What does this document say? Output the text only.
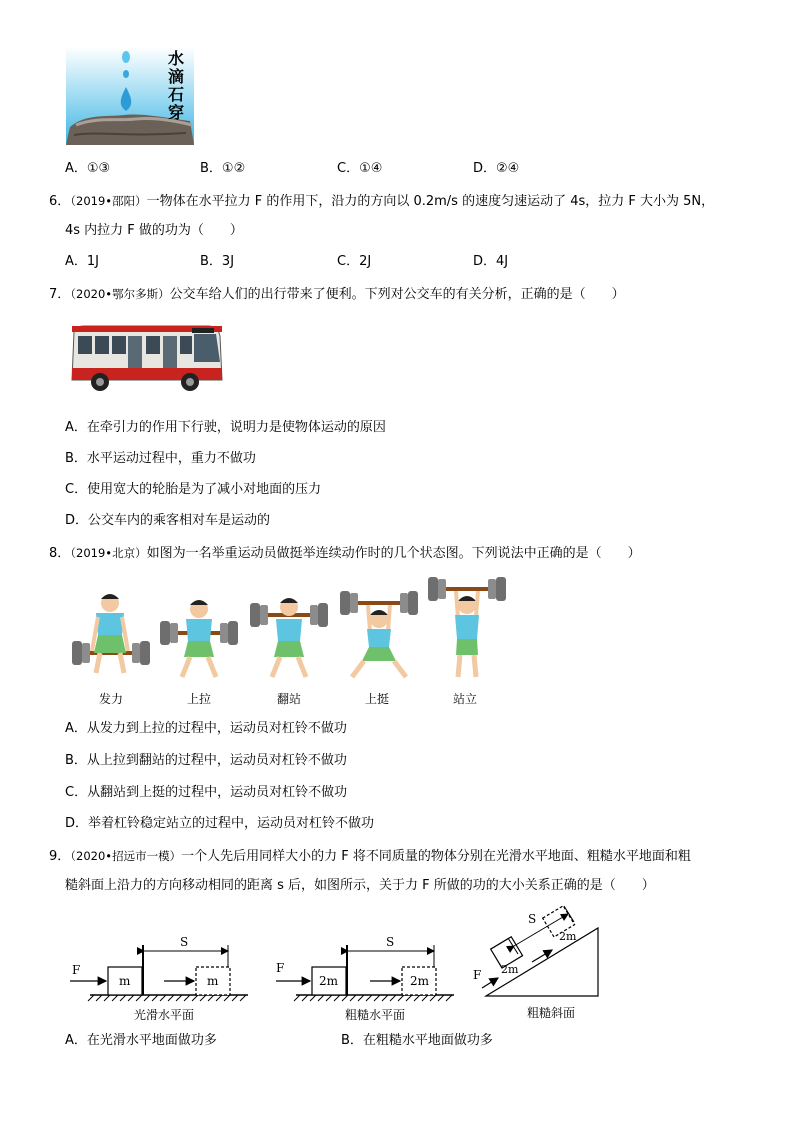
水滴石穿
A．①③	B．①②	C．①④	D．②④
6．（2019•邵阳）一物体在水平拉力 F 的作用下，沿力的方向以 0.2m/s 的速度匀速运动了 4s，拉力 F 大小为 5N，
4s 内拉力 F 做的功为（　　）
A．1J	B．3J	C．2J	D．4J
7．（2020•鄂尔多斯）公交车给人们的出行带来了便利。下列对公交车的有关分析，正确的是（　　）
A．在牵引力的作用下行驶，说明力是使物体运动的原因
B．水平运动过程中，重力不做功
C．使用宽大的轮胎是为了减小对地面的压力
D．公交车内的乘客相对车是运动的
8．（2019•北京）如图为一名举重运动员做挺举连续动作时的几个状态图。下列说法中正确的是（　　）
发力	上拉	翻站	上挺	站立
A．从发力到上拉的过程中，运动员对杠铃不做功
B．从上拉到翻站的过程中，运动员对杠铃不做功
C．从翻站到上挺的过程中，运动员对杠铃不做功
D．举着杠铃稳定站立的过程中，运动员对杠铃不做功
9．（2020•招远市一模）一个人先后用同样大小的力 F 将不同质量的物体分别在光滑水平地面、粗糙水平地面和粗
糙斜面上沿力的方向移动相同的距离 s 后，如图所示，关于力 F 所做的功的大小关系正确的是（　　）
F
S
m	m
光滑水平面
F
S
2m	2m
粗糙水平面
F
S
2m
2m
粗糙斜面
A．在光滑水平地面做功多	B．在粗糙水平地面做功多
